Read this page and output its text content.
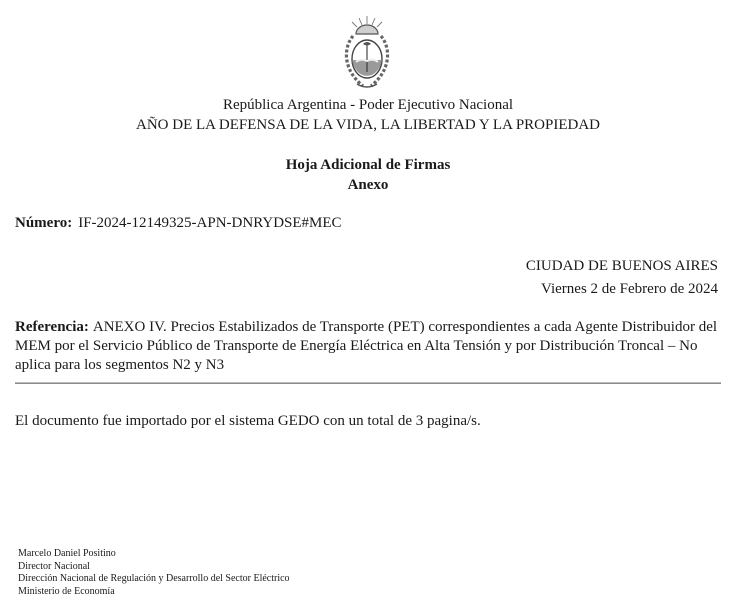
República Argentina - Poder Ejecutivo Nacional
AÑO DE LA DEFENSA DE LA VIDA, LA LIBERTAD Y LA PROPIEDAD
Hoja Adicional de Firmas
Anexo
Número: IF-2024-12149325-APN-DNRYDSE#MEC
CIUDAD DE BUENOS AIRES
Viernes 2 de Febrero de 2024
Referencia: ANEXO IV. Precios Estabilizados de Transporte (PET) correspondientes a cada Agente Distribuidor del MEM por el Servicio Público de Transporte de Energía Eléctrica en Alta Tensión y por Distribución Troncal – No aplica para los segmentos N2 y N3
El documento fue importado por el sistema GEDO con un total de 3 pagina/s.
Marcelo Daniel Positino
Director Nacional
Dirección Nacional de Regulación y Desarrollo del Sector Eléctrico
Ministerio de Economía
